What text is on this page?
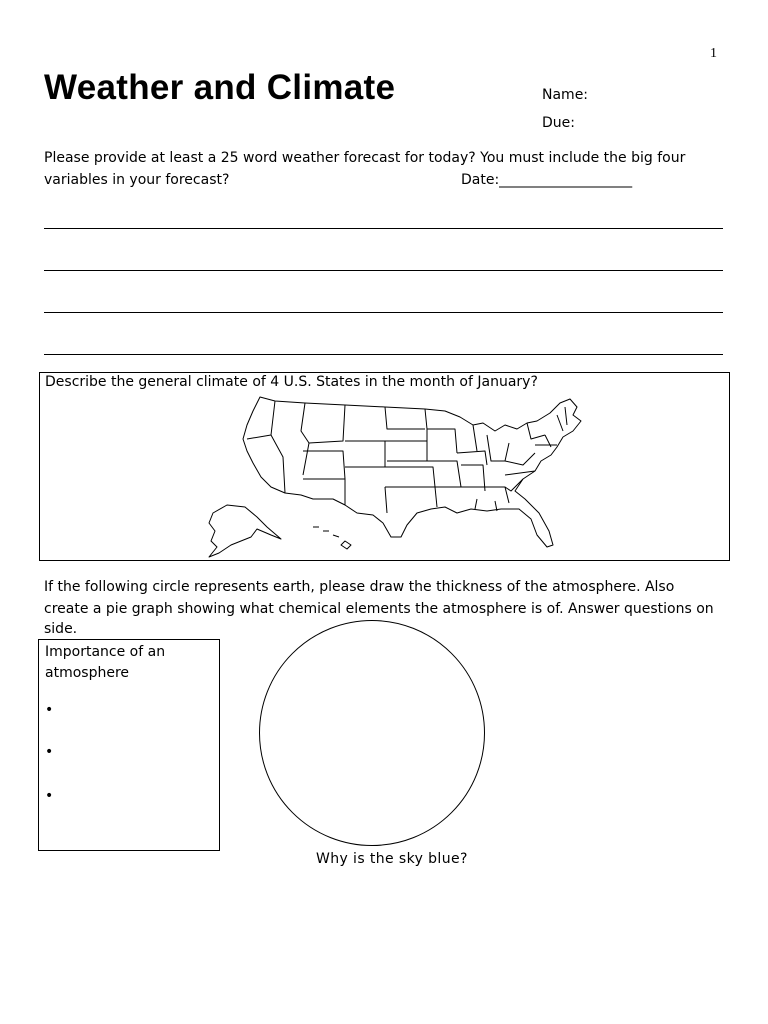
1
Weather and Climate	Name:
Due:
Please provide at least a 25 word weather forecast for today? You must include the big four
variables in your forecast?	Date:___________________
Describe the general climate of 4 U.S. States in the month of January?
If the following circle represents earth, please draw the thickness of the atmosphere. Also
create a pie graph showing what chemical elements the atmosphere is of. Answer questions on
side.
Importance of an
atmosphere
•
•
•
Why is the sky blue?
